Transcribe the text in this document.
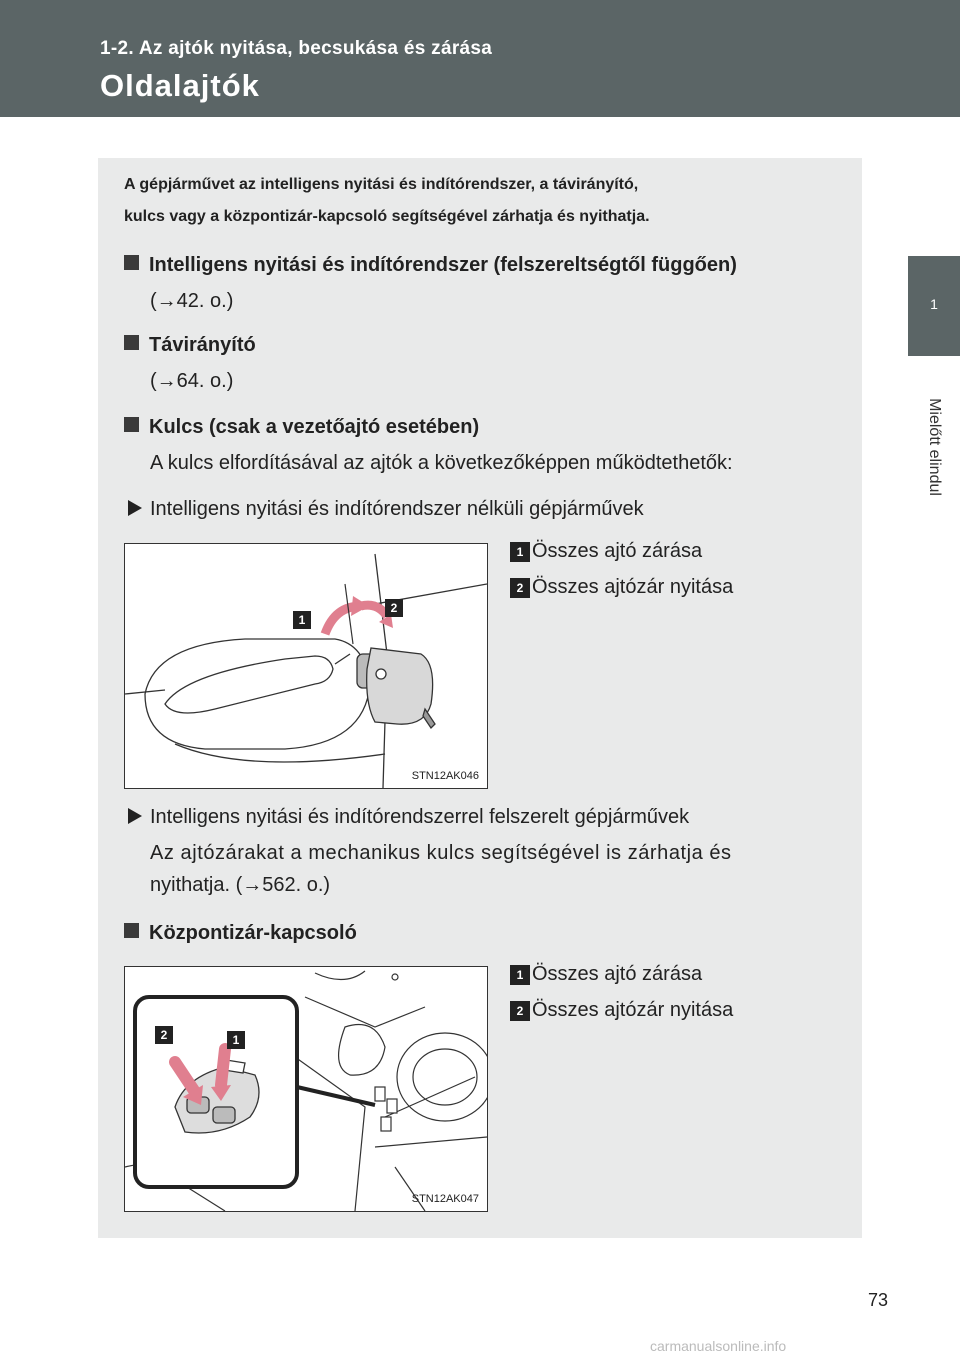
1-2. Az ajtók nyitása, becsukása és zárása
Oldalajtók
1
Mielőtt elindul
A gépjárművet az intelligens nyitási és indítórendszer, a távirányító,
kulcs vagy a központizár-kapcsoló segítségével zárhatja és nyithatja.
Intelligens nyitási és indítórendszer (felszereltségtől függően)
(→42. o.)
Távirányító
(→64. o.)
Kulcs (csak a vezetőajtó esetében)
A kulcs elfordításával az ajtók a következőképpen működtethetők:
Intelligens nyitási és indítórendszer nélküli gépjárművek
1
2
STN12AK046
1 Összes ajtó zárása
2 Összes ajtózár nyitása
Intelligens nyitási és indítórendszerrel felszerelt gépjárművek
Az ajtózárakat a mechanikus kulcs segítségével is zárhatja és
nyithatja. (→562. o.)
Központizár-kapcsoló
2	1
STN12AK047
1 Összes ajtó zárása
2 Összes ajtózár nyitása
73
carmanualsonline.info
